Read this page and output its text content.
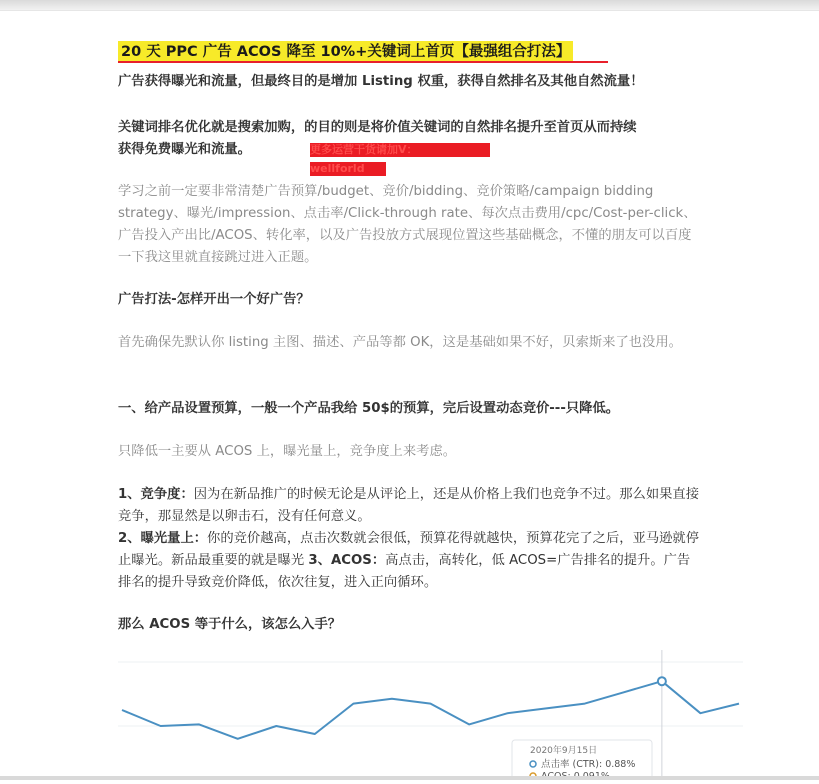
20 天 PPC 广告 ACOS 降至 10%+关键词上首页【最强组合打法】

广告获得曝光和流量，但最终目的是增加 Listing 权重，获得自然排名及其他自然流量！

关键词排名优化就是搜索加购，的目的则是将价值关键词的自然排名提升至首页从而持续
获得免费曝光和流量。	更多运营干货请加V：
wellforld

学习之前一定要非常清楚广告预算/budget、竞价/bidding、竞价策略/campaign bidding strategy、曝光/impression、点击率/Click-through rate、每次点击费用/cpc/Cost-per-click、广告投入产出比/ACOS、转化率，以及广告投放方式展现位置这些基础概念，不懂的朋友可以百度一下我这里就直接跳过进入正题。

广告打法-怎样开出一个好广告？

首先确保先默认你 listing 主图、描述、产品等都 OK，这是基础如果不好，贝索斯来了也没用。

一、给产品设置预算，一般一个产品我给 50$的预算，完后设置动态竞价---只降低。

只降低一主要从 ACOS 上，曝光量上，竞争度上来考虑。

1、竞争度：因为在新品推广的时候无论是从评论上，还是从价格上我们也竞争不过。那么如果直接竞争，那显然是以卵击石，没有任何意义。
2、曝光量上：你的竞价越高，点击次数就会很低，预算花得就越快，预算花完了之后，亚马逊就停止曝光。新品最重要的就是曝光 3、ACOS：高点击，高转化，低 ACOS=广告排名的提升。广告排名的提升导致竞价降低，依次往复，进入正向循环。

那么 ACOS 等于什么，该怎么入手？

2020年9月15日
点击率 (CTR): 0.88%
